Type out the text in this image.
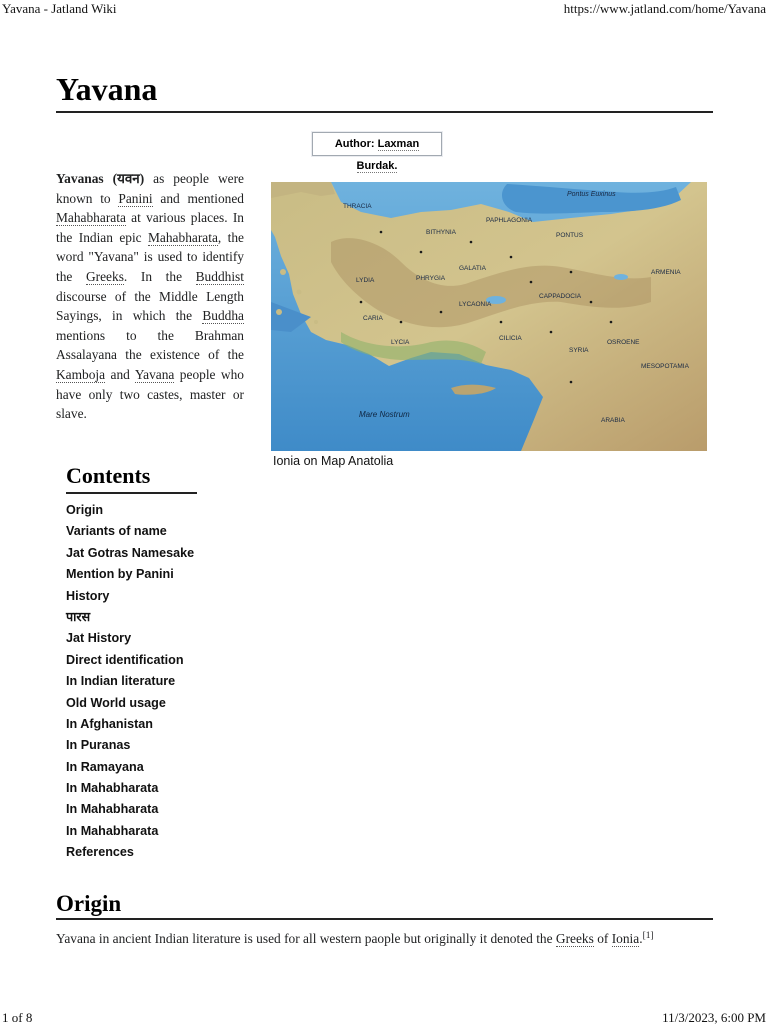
Yavana - Jatland Wiki	https://www.jatland.com/home/Yavana
Yavana
Author: Laxman Burdak.

Yavanas (यवन) as people were known to Panini and mentioned Mahabharata at various places. In the Indian epic Mahabharata, the word "Yavana" is used to identify the Greeks. In the Buddhist discourse of the Middle Length Sayings, in which the Buddha mentions to the Brahman Assalayana the existence of the Kamboja and Yavana people who have only two castes, master or slave.

Pontus Euxinus
THRACIA
PAPHLAGONIA
BITHYNIA	PONTUS
GALATIA
PHRYGIA
LYDIA
CAPPADOCIA
ARMENIA
LYCAONIA
CARIA
LYCIA
CILICIA
SYRIA
OSROENE
MESOPOTAMIA
ARABIA
Mare Nostrum
Ionia on Map Anatolia
Contents
Origin
Variants of name
Jat Gotras Namesake
Mention by Panini
History
पारस
Jat History
Direct identification
In Indian literature
Old World usage
In Afghanistan
In Puranas
In Ramayana
In Mahabharata
In Mahabharata
In Mahabharata
References
Origin

Yavana in ancient Indian literature is used for all western paople but originally it denoted the Greeks of Ionia.[1]

1 of 8	11/3/2023, 6:00 PM
